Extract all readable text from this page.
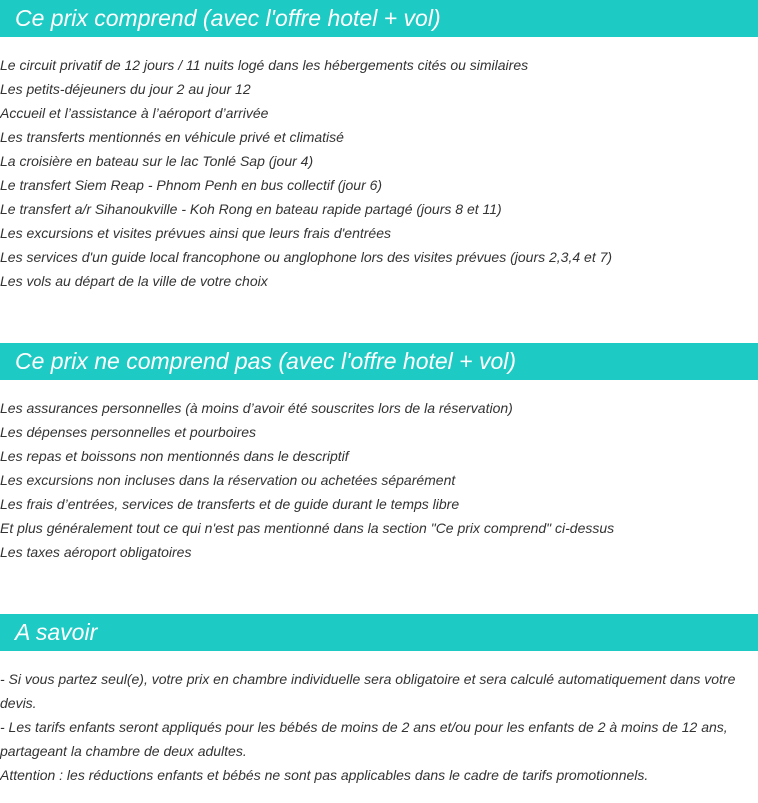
Ce prix comprend (avec l'offre hotel + vol)
Le circuit privatif de 12 jours / 11 nuits logé dans les hébergements cités ou similaires
Les petits-déjeuners du jour 2 au jour 12
Accueil et l’assistance à l’aéroport d’arrivée
Les transferts mentionnés en véhicule privé et climatisé
La croisière en bateau sur le lac Tonlé Sap (jour 4)
Le transfert Siem Reap - Phnom Penh en bus collectif (jour 6)
Le transfert a/r Sihanoukville - Koh Rong en bateau rapide partagé (jours 8 et 11)
Les excursions et visites prévues ainsi que leurs frais d'entrées
Les services d'un guide local francophone ou anglophone lors des visites prévues (jours 2,3,4 et 7)
Les vols au départ de la ville de votre choix
Ce prix ne comprend pas (avec l'offre hotel + vol)
Les assurances personnelles (à moins d’avoir été souscrites lors de la réservation)
Les dépenses personnelles et pourboires
Les repas et boissons non mentionnés dans le descriptif
Les excursions non incluses dans la réservation ou achetées séparément
Les frais d’entrées, services de transferts et de guide durant le temps libre
Et plus généralement tout ce qui n'est pas mentionné dans la section "Ce prix comprend" ci-dessus
Les taxes aéroport obligatoires
A savoir

- Si vous partez seul(e), votre prix en chambre individuelle sera obligatoire et sera calculé automatiquement dans votre devis.

- Les tarifs enfants seront appliqués pour les bébés de moins de 2 ans et/ou pour les enfants de 2 à moins de 12 ans, partageant la chambre de deux adultes.

Attention : les réductions enfants et bébés ne sont pas applicables dans le cadre de tarifs promotionnels.
